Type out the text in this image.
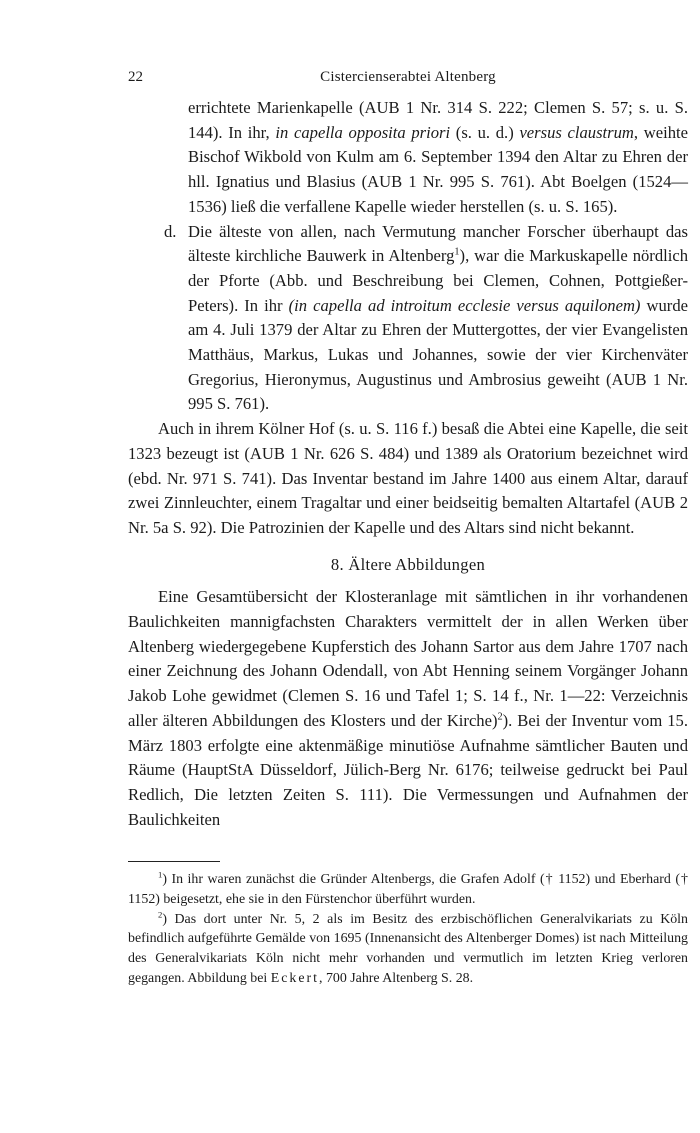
22	Cistercienserabtei Altenberg
errichtete Marienkapelle (AUB 1 Nr. 314 S. 222; Clemen S. 57; s. u. S. 144). In ihr, in capella opposita priori (s. u. d.) versus claustrum, weihte Bischof Wikbold von Kulm am 6. September 1394 den Altar zu Ehren der hll. Ignatius und Blasius (AUB 1 Nr. 995 S. 761). Abt Boelgen (1524—1536) ließ die verfallene Kapelle wieder herstellen (s. u. S. 165).
d. Die älteste von allen, nach Vermutung mancher Forscher überhaupt das älteste kirchliche Bauwerk in Altenberg$^1$), war die Markuskapelle nördlich der Pforte (Abb. und Beschreibung bei Clemen, Cohnen, Pottgießer-Peters). In ihr (in capella ad introitum ecclesie versus aquilonem) wurde am 4. Juli 1379 der Altar zu Ehren der Muttergottes, der vier Evangelisten Matthäus, Markus, Lukas und Johannes, sowie der vier Kirchenväter Gregorius, Hieronymus, Augustinus und Ambrosius geweiht (AUB 1 Nr. 995 S. 761).

Auch in ihrem Kölner Hof (s. u. S. 116 f.) besaß die Abtei eine Kapelle, die seit 1323 bezeugt ist (AUB 1 Nr. 626 S. 484) und 1389 als Oratorium bezeichnet wird (ebd. Nr. 971 S. 741). Das Inventar bestand im Jahre 1400 aus einem Altar, darauf zwei Zinnleuchter, einem Tragaltar und einer beidseitig bemalten Altartafel (AUB 2 Nr. 5a S. 92). Die Patrozinien der Kapelle und des Altars sind nicht bekannt.

8. Ältere Abbildungen

Eine Gesamtübersicht der Klosteranlage mit sämtlichen in ihr vorhandenen Baulichkeiten mannigfachsten Charakters vermittelt der in allen Werken über Altenberg wiedergegebene Kupferstich des Johann Sartor aus dem Jahre 1707 nach einer Zeichnung des Johann Odendall, von Abt Henning seinem Vorgänger Johann Jakob Lohe gewidmet (Clemen S. 16 und Tafel 1; S. 14 f., Nr. 1—22: Verzeichnis aller älteren Abbildungen des Klosters und der Kirche)$^2$). Bei der Inventur vom 15. März 1803 erfolgte eine aktenmäßige minutiöse Aufnahme sämtlicher Bauten und Räume (HauptStA Düsseldorf, Jülich-Berg Nr. 6176; teilweise gedruckt bei Paul Redlich, Die letzten Zeiten S. 111). Die Vermessungen und Aufnahmen der Baulichkeiten

$^1$) In ihr waren zunächst die Gründer Altenbergs, die Grafen Adolf († 1152) und Eberhard († 1152) beigesetzt, ehe sie in den Fürstenchor überführt wurden.

$^2$) Das dort unter Nr. 5, 2 als im Besitz des erzbischöflichen Generalvikariats zu Köln befindlich aufgeführte Gemälde von 1695 (Innenansicht des Altenberger Domes) ist nach Mitteilung des Generalvikariats Köln nicht mehr vorhanden und vermutlich im letzten Krieg verloren gegangen. Abbildung bei Eckert, 700 Jahre Altenberg S. 28.
